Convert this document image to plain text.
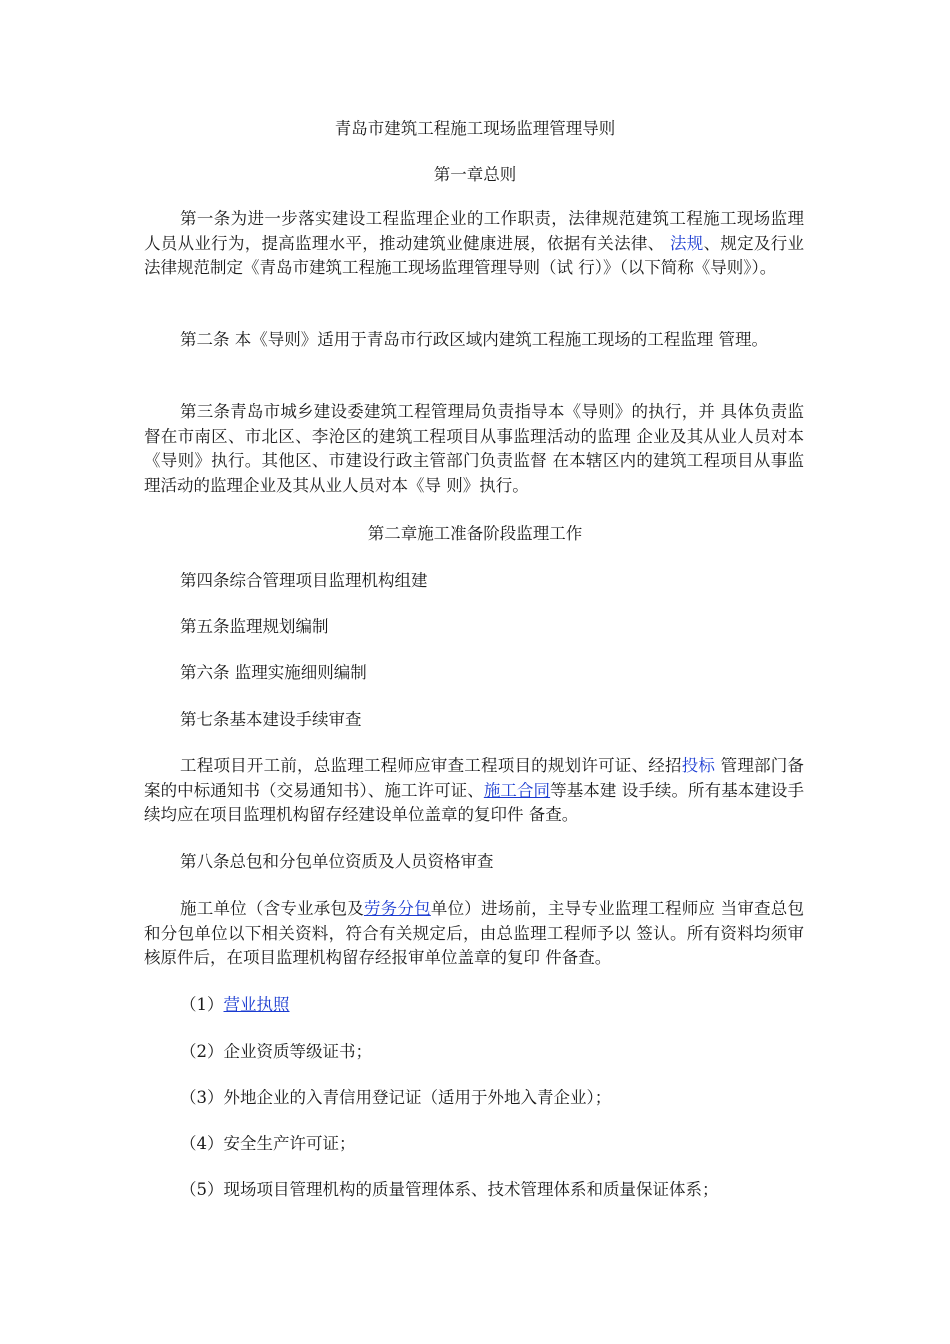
青岛市建筑工程施工现场监理管理导则

第一章总则

第一条为进一步落实建设工程监理企业的工作职责，法律规范建筑工程施工现场监理人员从业行为，提高监理水平，推动建筑业健康进展，依据有关法律、 法规、规定及行业法律规范制定《青岛市建筑工程施工现场监理管理导则（试 行）》（以下简称《导则》）。

第二条 本《导则》适用于青岛市行政区域内建筑工程施工现场的工程监理 管理。

第三条青岛市城乡建设委建筑工程管理局负责指导本《导则》的执行，并 具体负责监督在市南区、市北区、李沧区的建筑工程项目从事监理活动的监理 企业及其从业人员对本《导则》执行。其他区、市建设行政主管部门负责监督 在本辖区内的建筑工程项目从事监理活动的监理企业及其从业人员对本《导 则》执行。

第二章施工准备阶段监理工作

第四条综合管理项目监理机构组建

第五条监理规划编制

第六条 监理实施细则编制

第七条基本建设手续审查

工程项目开工前，总监理工程师应审查工程项目的规划许可证、经招投标 管理部门备案的中标通知书（交易通知书）、施工许可证、施工合同等基本建 设手续。所有基本建设手续均应在项目监理机构留存经建设单位盖章的复印件 备查。

第八条总包和分包单位资质及人员资格审查

施工单位（含专业承包及劳务分包单位）进场前，主导专业监理工程师应 当审查总包和分包单位以下相关资料，符合有关规定后，由总监理工程师予以 签认。所有资料均须审核原件后，在项目监理机构留存经报审单位盖章的复印 件备查。

（1）营业执照

（2）企业资质等级证书；

（3）外地企业的入青信用登记证（适用于外地入青企业）；

（4）安全生产许可证；

（5）现场项目管理机构的质量管理体系、技术管理体系和质量保证体系；
